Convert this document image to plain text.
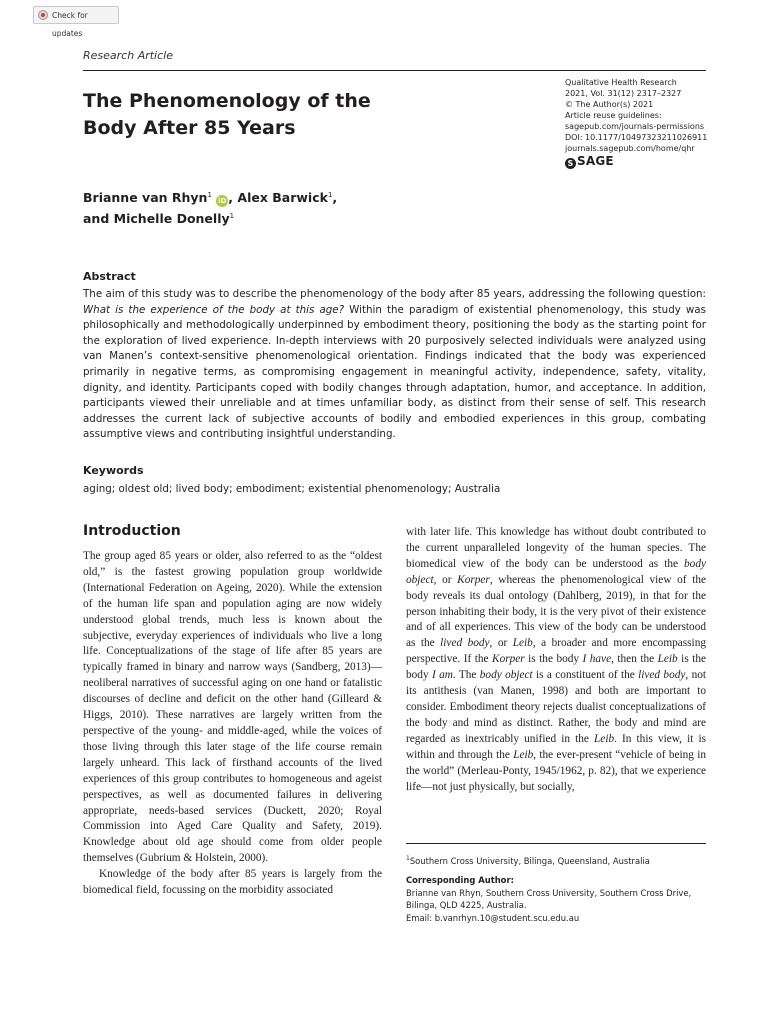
Check for updates
Research Article
The Phenomenology of the Body After 85 Years
Qualitative Health Research
2021, Vol. 31(12) 2317–2327
© The Author(s) 2021
Article reuse guidelines:
sagepub.com/journals-permissions
DOI: 10.1177/10497323211026911
journals.sagepub.com/home/qhr
S SAGE
Brianne van Rhyn$^1$ iD , Alex Barwick$^1$,
and Michelle Donelly$^1$
Abstract
The aim of this study was to describe the phenomenology of the body after 85 years, addressing the following question: What is the experience of the body at this age? Within the paradigm of existential phenomenology, this study was philosophically and methodologically underpinned by embodiment theory, positioning the body as the starting point for the exploration of lived experience. In-depth interviews with 20 purposively selected individuals were analyzed using van Manen’s context-sensitive phenomenological orientation. Findings indicated that the body was experienced primarily in negative terms, as compromising engagement in meaningful activity, independence, safety, vitality, dignity, and identity. Participants coped with bodily changes through adaptation, humor, and acceptance. In addition, participants viewed their unreliable and at times unfamiliar body, as distinct from their sense of self. This research addresses the current lack of subjective accounts of bodily and embodied experiences in this group, combating assumptive views and contributing insightful understanding.
Keywords
aging; oldest old; lived body; embodiment; existential phenomenology; Australia
Introduction

The group aged 85 years or older, also referred to as the “oldest old,” is the fastest growing population group worldwide (International Federation on Ageing, 2020). While the extension of the human life span and population aging are now widely understood global trends, much less is known about the subjective, everyday experiences of individuals who live a long life. Conceptualizations of the stage of life after 85 years are typically framed in binary and narrow ways (Sandberg, 2013)—neoliberal narratives of successful aging on one hand or fatalistic discourses of decline and deficit on the other hand (Gilleard & Higgs, 2010). These narratives are largely written from the perspective of the young- and middle-aged, while the voices of those living through this later stage of the life course remain largely unheard. This lack of firsthand accounts of the lived experiences of this group contributes to homogeneous and ageist perspectives, as well as documented failures in delivering appropriate, needs-based services (Duckett, 2020; Royal Commission into Aged Care Quality and Safety, 2019). Knowledge about old age should come from older people themselves (Gubrium & Holstein, 2000).

Knowledge of the body after 85 years is largely from the biomedical field, focussing on the morbidity associated

with later life. This knowledge has without doubt contributed to the current unparalleled longevity of the human species. The biomedical view of the body can be understood as the body object, or Korper, whereas the phenomenological view of the body reveals its dual ontology (Dahlberg, 2019), in that for the person inhabiting their body, it is the very pivot of their existence and of all experiences. This view of the body can be understood as the lived body, or Leib, a broader and more encompassing perspective. If the Korper is the body I have, then the Leib is the body I am. The body object is a constituent of the lived body, not its antithesis (van Manen, 1998) and both are important to consider. Embodiment theory rejects dualist conceptualizations of the body and mind as distinct. Rather, the body and mind are regarded as inextricably unified in the Leib. In this view, it is within and through the Leib, the ever-present “vehicle of being in the world” (Merleau-Ponty, 1945/1962, p. 82), that we experience life—not just physically, but socially,

$^1$Southern Cross University, Bilinga, Queensland, Australia
Corresponding Author:
Brianne van Rhyn, Southern Cross University, Southern Cross Drive,
Bilinga, QLD 4225, Australia.
Email: b.vanrhyn.10@student.scu.edu.au
